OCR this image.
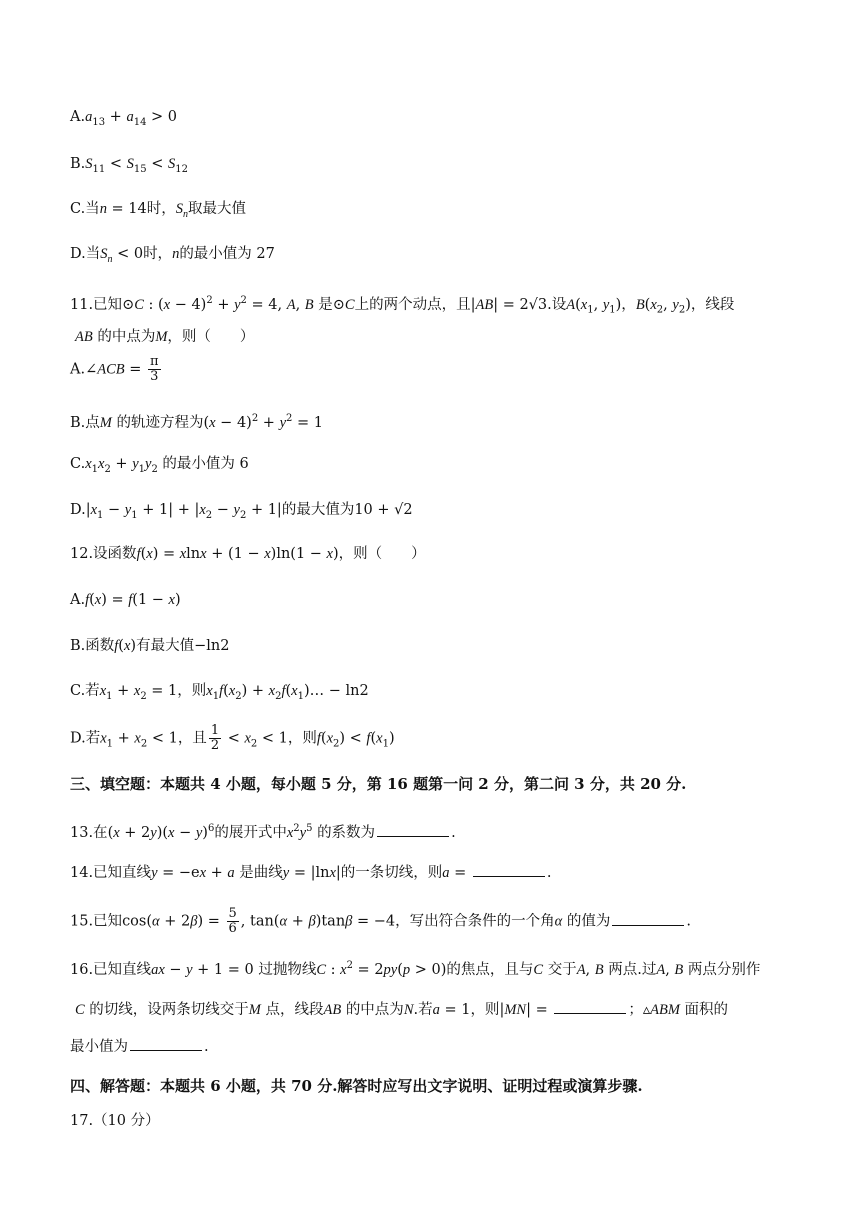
$A.a_{13} + a_{14} > 0$
$B.S_{11} < S_{15} < S_{12}$
C.当n = 14时，$S_n$取最大值
D.当$S_n < 0$时，n的最小值为 27
11.已知⊙C : $(x - 4)^2 + y^2 = 4$, A, B 是⊙C上的两个动点，且|AB| = 2√3.设$A(x_1$, $y_1$)，$B(x_2$, $y_2$)，线段
AB 的中点为M，则（　　）
A.∠ACB = $\frac{\pi}{3}$
B.点M 的轨迹方程为$(x - 4)^2 + y^2 = 1$
$C.x_1x_2 + y_1y_2$ 的最小值为 6
$D.|x_1 - y_1 + 1| + |x_2 - y_2 + 1|$的最大值为10 + √2
12.设函数f(x) = xlnx + (1 − x)ln(1 − x)，则（　　）
A.f(x) = f(1 − x)
B.函数f(x)有最大值−ln2
C.若$x_1 + x_2 = 1$，则$x_1f(x_2)$ + $x_2f(x_1)\dots - \ln 2$
D.若$x_1 + x_2 < 1$，且 $\frac{1}{2} < x_2 < 1$，则$f(x_2) < f(x_1)$
三、填空题：本题共 4 小题，每小题 5 分，第 16 题第一问 2 分，第二问 3 分，共 20 分.
13.在$(x + 2y)(x - y)^6$的展开式中$x^2y^5$ 的系数为	.
14.已知直线y = −ex + a 是曲线y = |lnx|的一条切线，则a =	.
15.已知$\cos(\alpha + 2\beta) = \frac{5}{6}$ , tan(α + β)tanβ = −4，写出符合条件的一个角α 的值为	.
16.已知直线ax − y + 1 = 0 过抛物线C : $x^2 = 2py(p > 0)$的焦点，且与C 交于A, B 两点.过A, B 两点分别作
C 的切线，设两条切线交于M 点，线段AB 的中点为N.若a = 1，则|MN| =	；▵ABM 面积的
最小值为	.
四、解答题：本题共 6 小题，共 70 分.解答时应写出文字说明、证明过程或演算步骤.
17.（10 分）
